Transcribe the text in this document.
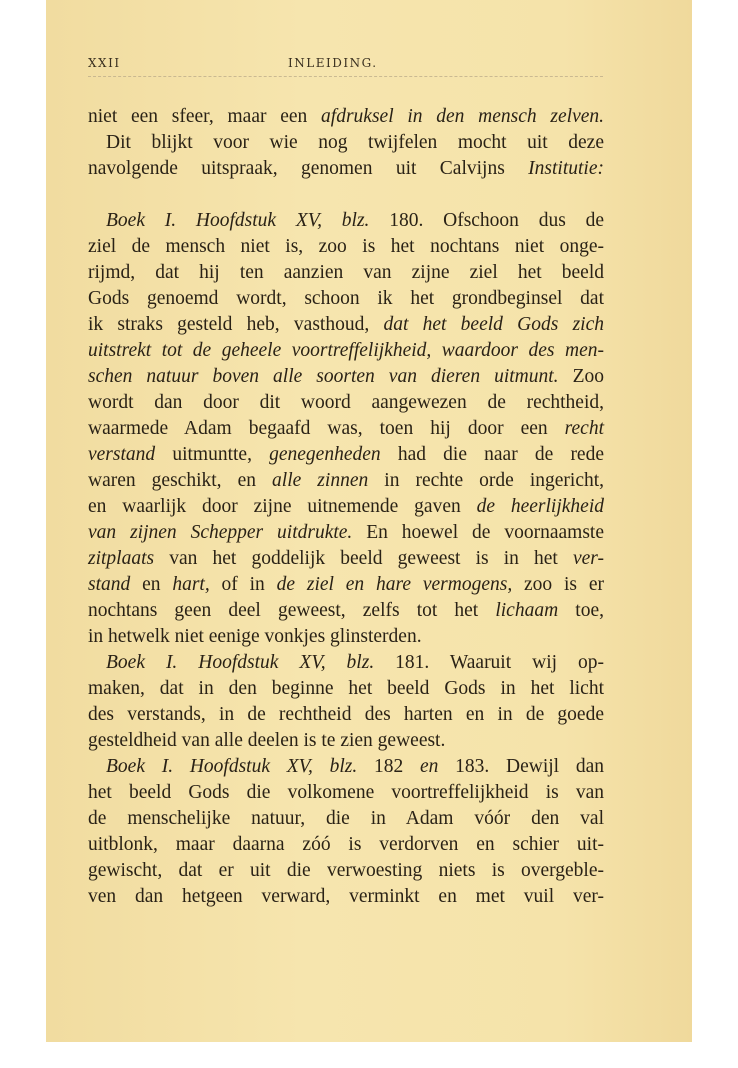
XXII	INLEIDING.
niet een sfeer, maar een afdruksel in den mensch zelven.
Dit blijkt voor wie nog twijfelen mocht uit deze
navolgende uitspraak, genomen uit Calvijns Institutie:
Boek I. Hoofdstuk XV, blz. 180. Ofschoon dus de
ziel de mensch niet is, zoo is het nochtans niet onge-
rijmd, dat hij ten aanzien van zijne ziel het beeld
Gods genoemd wordt, schoon ik het grondbeginsel dat
ik straks gesteld heb, vasthoud, dat het beeld Gods zich
uitstrekt tot de geheele voortreffelijkheid, waardoor des men-
schen natuur boven alle soorten van dieren uitmunt. Zoo
wordt dan door dit woord aangewezen de rechtheid,
waarmede Adam begaafd was, toen hij door een recht
verstand uitmuntte, genegenheden had die naar de rede
waren geschikt, en alle zinnen in rechte orde ingericht,
en waarlijk door zijne uitnemende gaven de heerlijkheid
van zijnen Schepper uitdrukte. En hoewel de voornaamste
zitplaats van het goddelijk beeld geweest is in het ver-
stand en hart, of in de ziel en hare vermogens, zoo is er
nochtans geen deel geweest, zelfs tot het lichaam toe,
in hetwelk niet eenige vonkjes glinsterden.
Boek I. Hoofdstuk XV, blz. 181. Waaruit wij op-
maken, dat in den beginne het beeld Gods in het licht
des verstands, in de rechtheid des harten en in de goede
gesteldheid van alle deelen is te zien geweest.
Boek I. Hoofdstuk XV, blz. 182 en 183. Dewijl dan
het beeld Gods die volkomene voortreffelijkheid is van
de menschelijke natuur, die in Adam vóór den val
uitblonk, maar daarna zóó is verdorven en schier uit-
gewischt, dat er uit die verwoesting niets is overgeble-
ven dan hetgeen verward, verminkt en met vuil ver-
